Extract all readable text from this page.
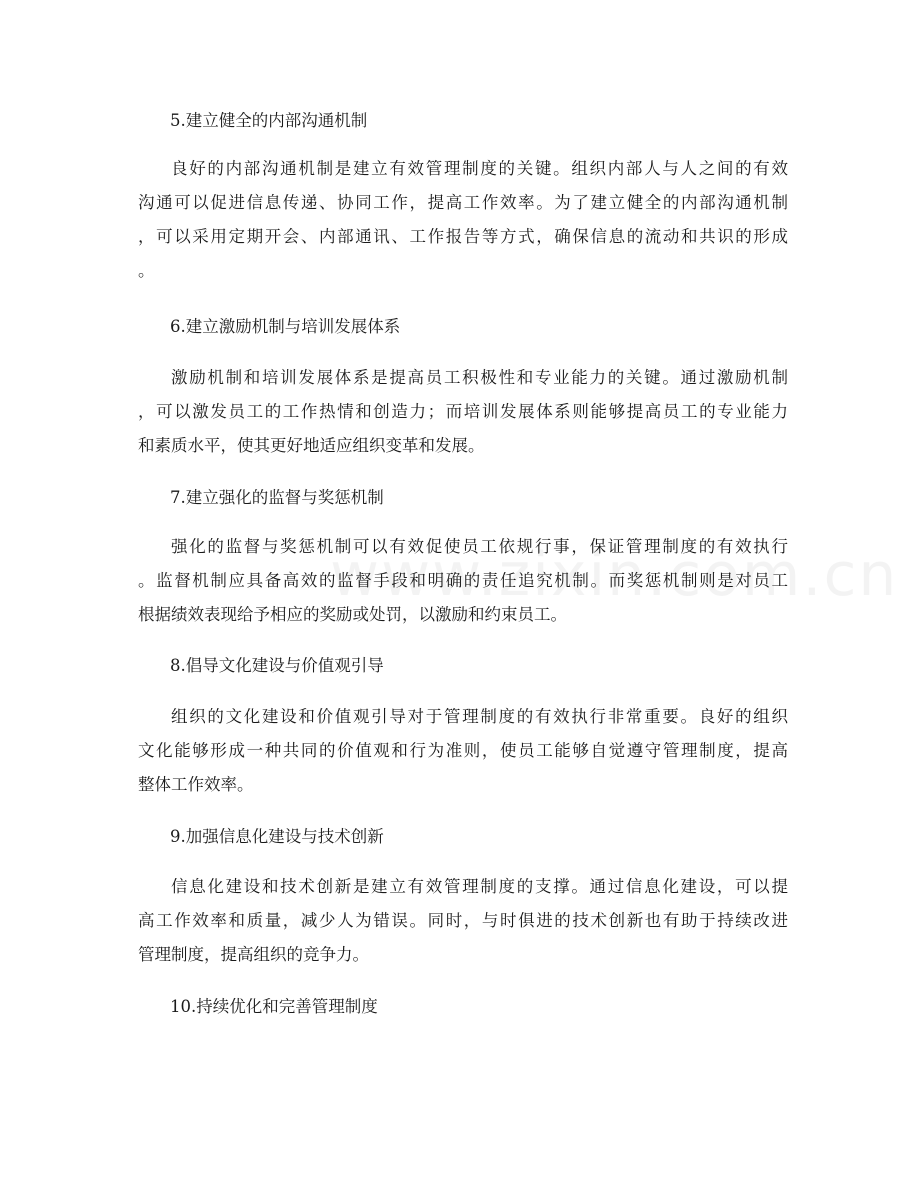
5.建立健全的内部沟通机制
良好的内部沟通机制是建立有效管理制度的关键。组织内部人与人之间的有效
沟通可以促进信息传递、协同工作，提高工作效率。为了建立健全的内部沟通机制
，可以采用定期开会、内部通讯、工作报告等方式，确保信息的流动和共识的形成
。
6.建立激励机制与培训发展体系
激励机制和培训发展体系是提高员工积极性和专业能力的关键。通过激励机制
，可以激发员工的工作热情和创造力；而培训发展体系则能够提高员工的专业能力
和素质水平，使其更好地适应组织变革和发展。
7.建立强化的监督与奖惩机制
强化的监督与奖惩机制可以有效促使员工依规行事，保证管理制度的有效执行
。监督机制应具备高效的监督手段和明确的责任追究机制。而奖惩机制则是对员工
根据绩效表现给予相应的奖励或处罚，以激励和约束员工。
8.倡导文化建设与价值观引导
组织的文化建设和价值观引导对于管理制度的有效执行非常重要。良好的组织
文化能够形成一种共同的价值观和行为准则，使员工能够自觉遵守管理制度，提高
整体工作效率。
9.加强信息化建设与技术创新
信息化建设和技术创新是建立有效管理制度的支撑。通过信息化建设，可以提
高工作效率和质量，减少人为错误。同时，与时俱进的技术创新也有助于持续改进
管理制度，提高组织的竞争力。
10.持续优化和完善管理制度
